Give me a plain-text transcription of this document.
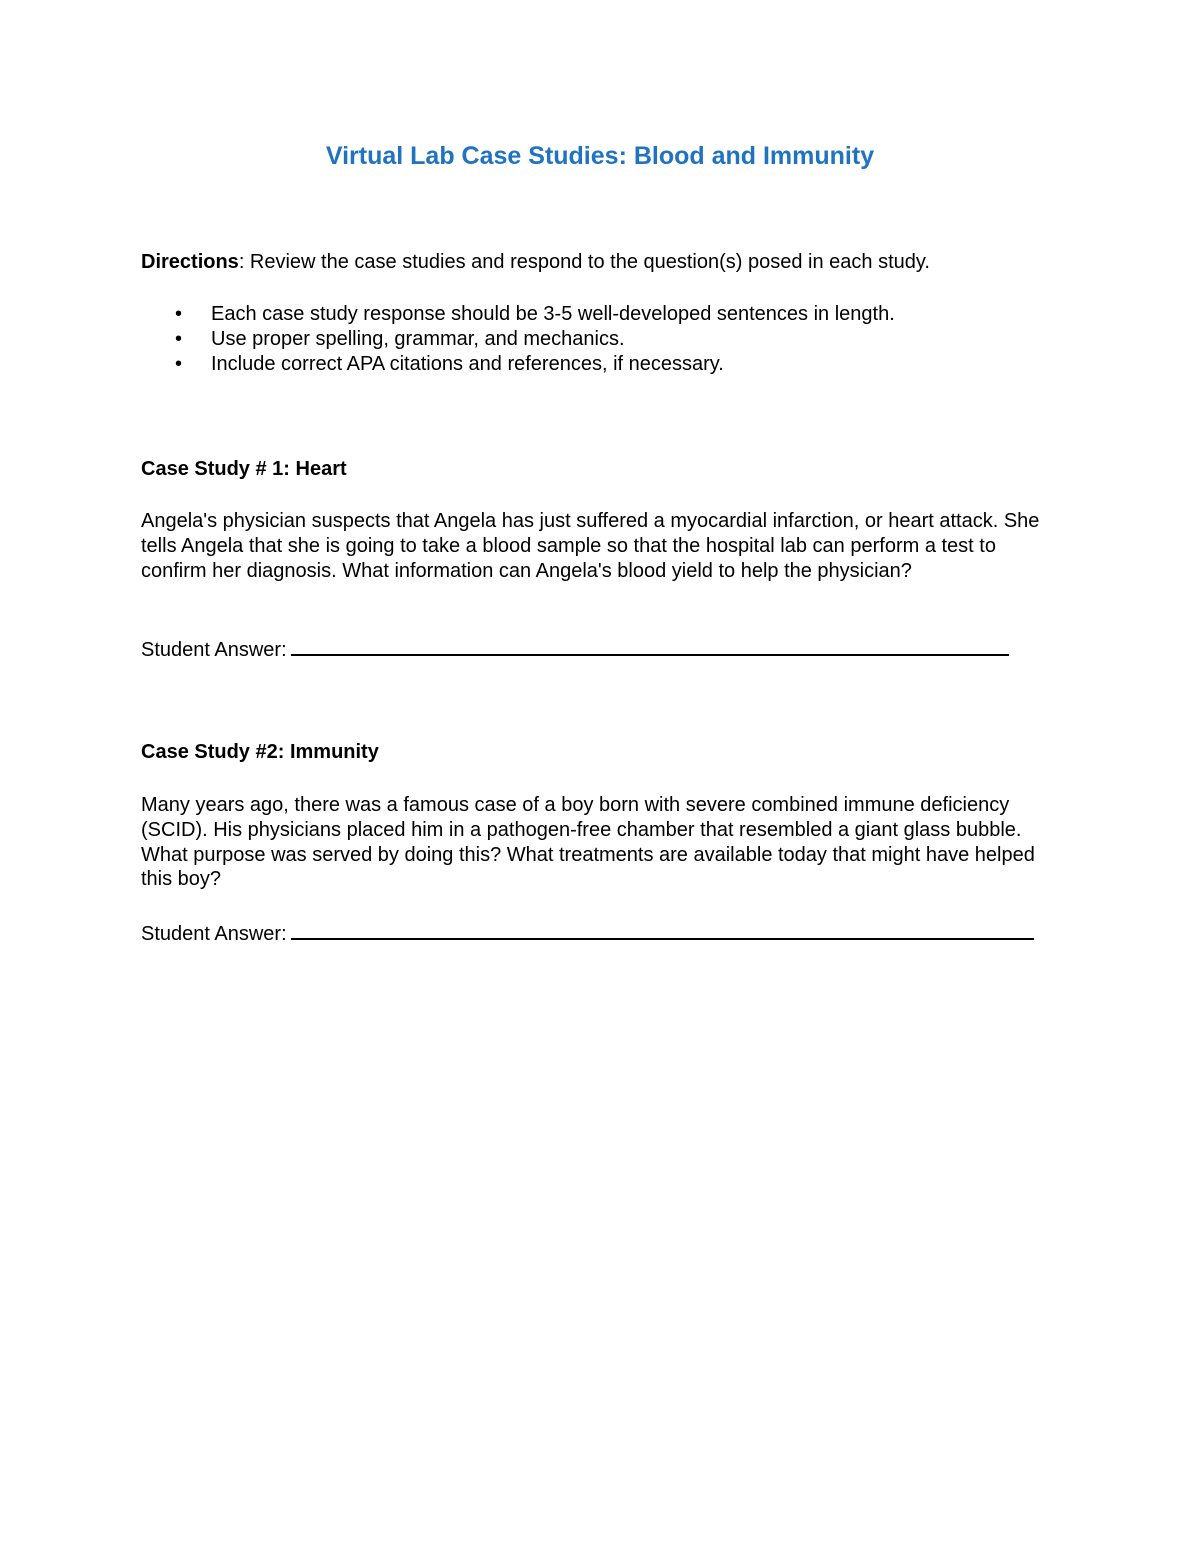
Virtual Lab Case Studies: Blood and Immunity

Directions: Review the case studies and respond to the question(s) posed in each study.

• Each case study response should be 3-5 well-developed sentences in length.
• Use proper spelling, grammar, and mechanics.
• Include correct APA citations and references, if necessary.
Case Study # 1: Heart

Angela's physician suspects that Angela has just suffered a myocardial infarction, or heart attack. She tells Angela that she is going to take a blood sample so that the hospital lab can perform a test to confirm her diagnosis. What information can Angela's blood yield to help the physician?

Student Answer:
Case Study #2: Immunity

Many years ago, there was a famous case of a boy born with severe combined immune deficiency (SCID). His physicians placed him in a pathogen-free chamber that resembled a giant glass bubble. What purpose was served by doing this? What treatments are available today that might have helped this boy?

Student Answer:
